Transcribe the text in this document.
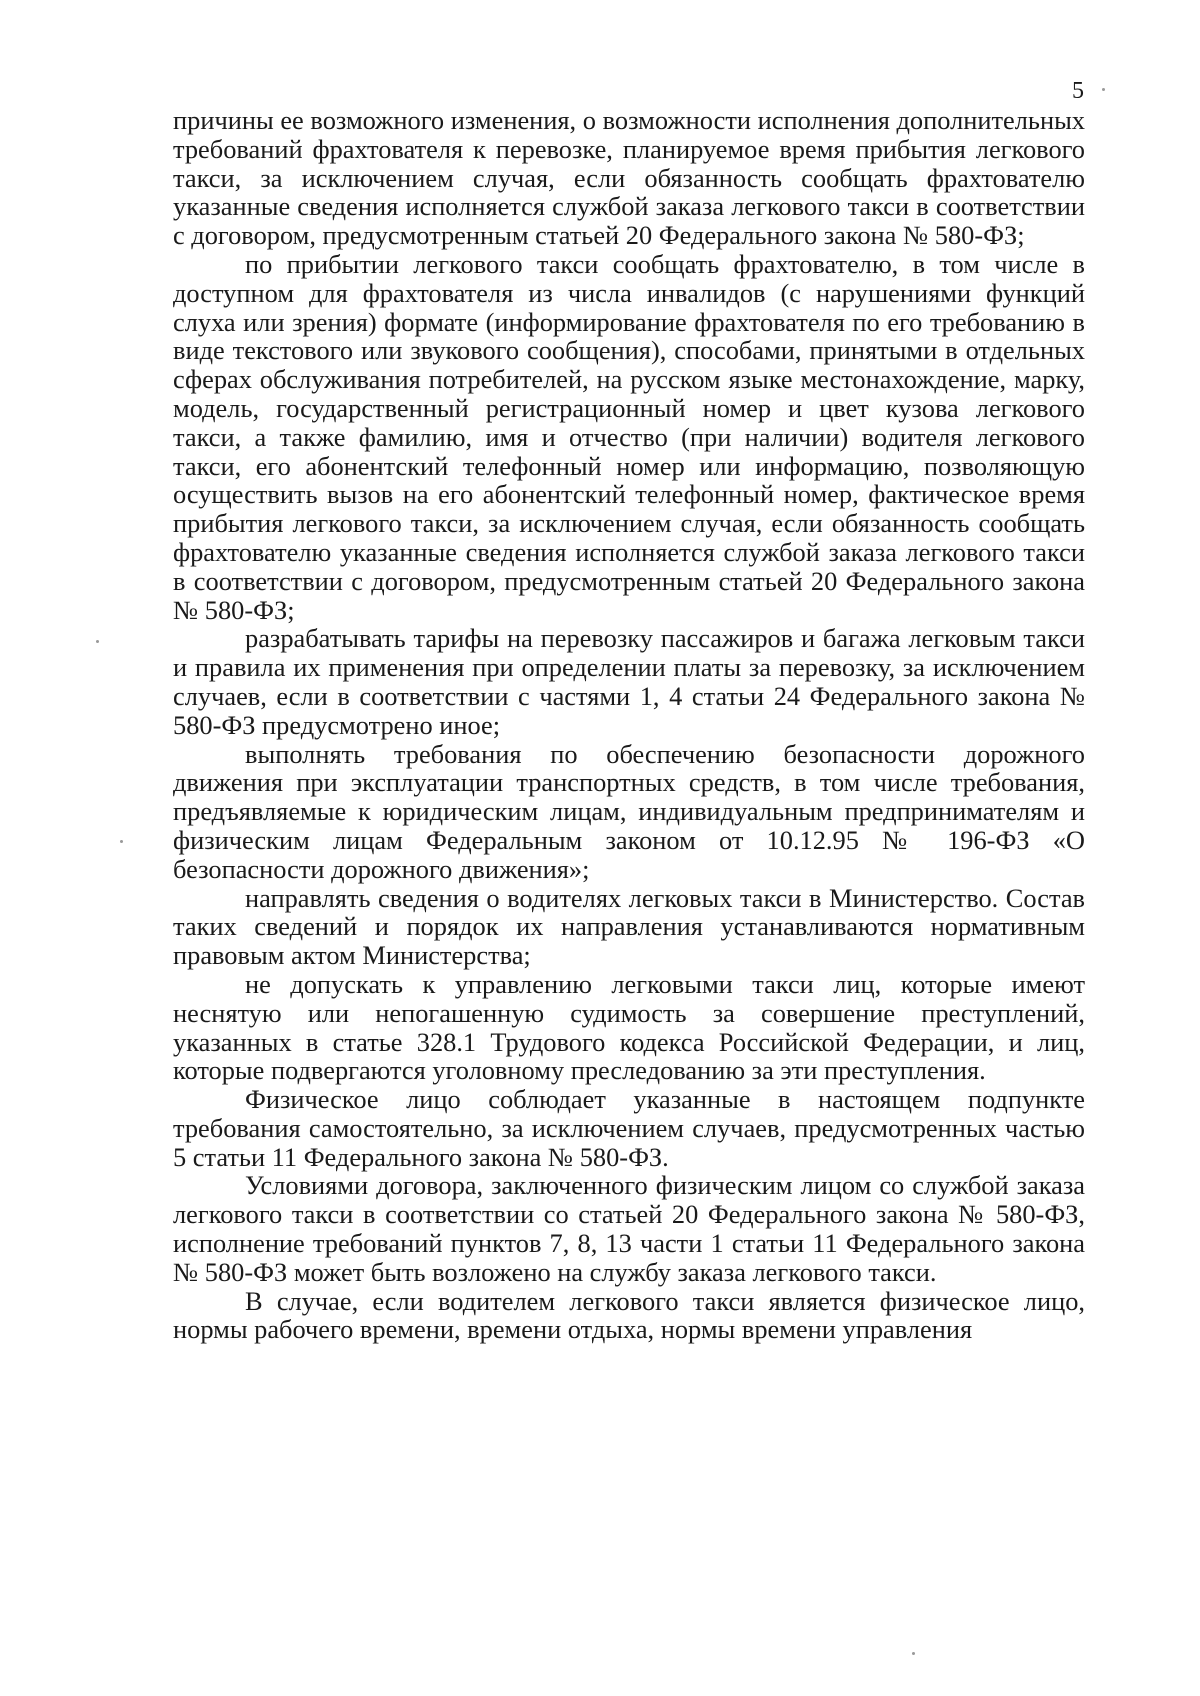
5

причины ее возможного изменения, о возможности исполнения дополнительных требований фрахтователя к перевозке, планируемое время прибытия легкового такси, за исключением случая, если обязанность сообщать фрахтователю указанные сведения исполняется службой заказа легкового такси в соответствии с договором, предусмотренным статьей 20 Федерального закона № 580-ФЗ;

по прибытии легкового такси сообщать фрахтователю, в том числе в доступном для фрахтователя из числа инвалидов (с нарушениями функций слуха или зрения) формате (информирование фрахтователя по его требованию в виде текстового или звукового сообщения), способами, принятыми в отдельных сферах обслуживания потребителей, на русском языке местонахождение, марку, модель, государственный регистрационный номер и цвет кузова легкового такси, а также фамилию, имя и отчество (при наличии) водителя легкового такси, его абонентский телефонный номер или информацию, позволяющую осуществить вызов на его абонентский телефонный номер, фактическое время прибытия легкового такси, за исключением случая, если обязанность сообщать фрахтователю указанные сведения исполняется службой заказа легкового такси в соответствии с договором, предусмотренным статьей 20 Федерального закона № 580-ФЗ;

разрабатывать тарифы на перевозку пассажиров и багажа легковым такси и правила их применения при определении платы за перевозку, за исключением случаев, если в соответствии с частями 1, 4 статьи 24 Федерального закона № 580-ФЗ предусмотрено иное;

выполнять требования по обеспечению безопасности дорожного движения при эксплуатации транспортных средств, в том числе требования, предъявляемые к юридическим лицам, индивидуальным предпринимателям и физическим лицам Федеральным законом от 10.12.95 № 196-ФЗ «О безопасности дорожного движения»;

направлять сведения о водителях легковых такси в Министерство. Состав таких сведений и порядок их направления устанавливаются нормативным правовым актом Министерства;

не допускать к управлению легковыми такси лиц, которые имеют неснятую или непогашенную судимость за совершение преступлений, указанных в статье 328.1 Трудового кодекса Российской Федерации, и лиц, которые подвергаются уголовному преследованию за эти преступления.

Физическое лицо соблюдает указанные в настоящем подпункте требования самостоятельно, за исключением случаев, предусмотренных частью 5 статьи 11 Федерального закона № 580-ФЗ.

Условиями договора, заключенного физическим лицом со службой заказа легкового такси в соответствии со статьей 20 Федерального закона № 580-ФЗ, исполнение требований пунктов 7, 8, 13 части 1 статьи 11 Федерального закона № 580-ФЗ может быть возложено на службу заказа легкового такси.

В случае, если водителем легкового такси является физическое лицо, нормы рабочего времени, времени отдыха, нормы времени управления
